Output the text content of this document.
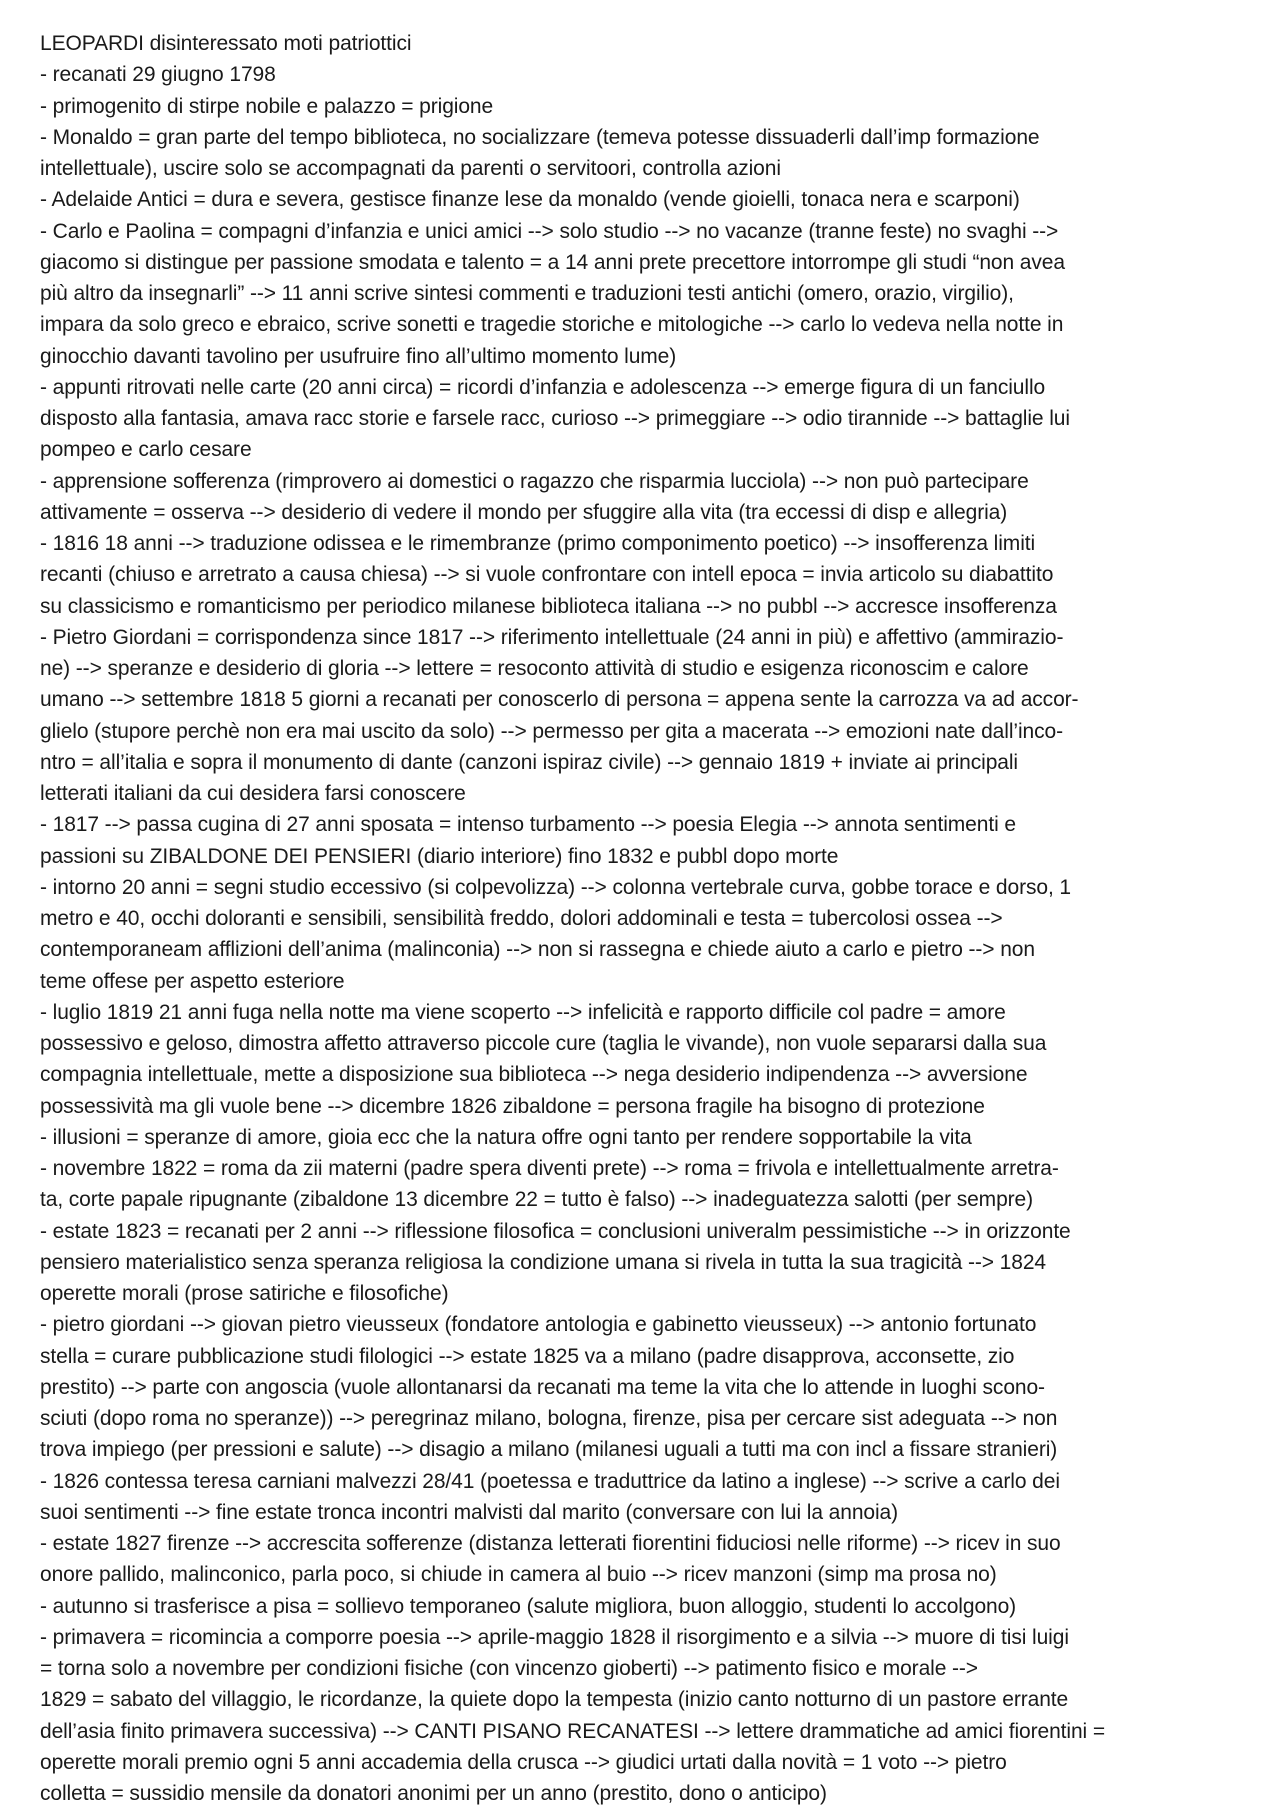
LEOPARDI disinteressato moti patriottici
- recanati 29 giugno 1798
- primogenito di stirpe nobile e palazzo = prigione
- Monaldo = gran parte del tempo biblioteca, no socializzare (temeva potesse dissuaderli dall’imp formazione
intellettuale), uscire solo se accompagnati da parenti o servitoori, controlla azioni
- Adelaide Antici = dura e severa, gestisce finanze lese da monaldo (vende gioielli, tonaca nera e scarponi)
- Carlo e Paolina = compagni d’infanzia e unici amici --> solo studio --> no vacanze (tranne feste) no svaghi -->
giacomo si distingue per passione smodata e talento = a 14 anni prete precettore intorrompe gli studi “non avea
più altro da insegnarli” --> 11 anni scrive sintesi commenti e traduzioni testi antichi (omero, orazio, virgilio),
impara da solo greco e ebraico, scrive sonetti e tragedie storiche e mitologiche --> carlo lo vedeva nella notte in
ginocchio davanti tavolino per usufruire fino all’ultimo momento lume)
- appunti ritrovati nelle carte (20 anni circa) = ricordi d’infanzia e adolescenza --> emerge figura di un fanciullo
disposto alla fantasia, amava racc storie e farsele racc, curioso --> primeggiare --> odio tirannide --> battaglie lui
pompeo e carlo cesare
- apprensione sofferenza (rimprovero ai domestici o ragazzo che risparmia lucciola) --> non può partecipare
attivamente = osserva --> desiderio di vedere il mondo per sfuggire alla vita (tra eccessi di disp e allegria)
- 1816 18 anni --> traduzione odissea e le rimembranze (primo componimento poetico) --> insofferenza limiti
recanti (chiuso e arretrato a causa chiesa) --> si vuole confrontare con intell epoca = invia articolo su diabattito
su classicismo e romanticismo per periodico milanese biblioteca italiana --> no pubbl --> accresce insofferenza
- Pietro Giordani = corrispondenza since 1817 --> riferimento intellettuale (24 anni in più) e affettivo (ammirazio-
ne) --> speranze e desiderio di gloria --> lettere = resoconto attività di studio e esigenza riconoscim e calore
umano --> settembre 1818 5 giorni a recanati per conoscerlo di persona = appena sente la carrozza va ad accor-
glielo (stupore perchè non era mai uscito da solo) --> permesso per gita a macerata --> emozioni nate dall’inco-
ntro = all’italia e sopra il monumento di dante (canzoni ispiraz civile) --> gennaio 1819 + inviate ai principali
letterati italiani da cui desidera farsi conoscere
- 1817 --> passa cugina di 27 anni sposata = intenso turbamento --> poesia Elegia --> annota sentimenti e
passioni su ZIBALDONE DEI PENSIERI (diario interiore) fino 1832 e pubbl dopo morte
- intorno 20 anni = segni studio eccessivo (si colpevolizza) --> colonna vertebrale curva, gobbe torace e dorso, 1
metro e 40, occhi doloranti e sensibili, sensibilità freddo, dolori addominali e testa = tubercolosi ossea -->
contemporaneam afflizioni dell’anima (malinconia) --> non si rassegna e chiede aiuto a carlo e pietro --> non
teme offese per aspetto esteriore
- luglio 1819 21 anni fuga nella notte ma viene scoperto --> infelicità e rapporto difficile col padre = amore
possessivo e geloso, dimostra affetto attraverso piccole cure (taglia le vivande), non vuole separarsi dalla sua
compagnia intellettuale, mette a disposizione sua biblioteca --> nega desiderio indipendenza --> avversione
possessività ma gli vuole bene --> dicembre 1826 zibaldone = persona fragile ha bisogno di protezione
- illusioni = speranze di amore, gioia ecc che la natura offre ogni tanto per rendere sopportabile la vita
- novembre 1822 = roma da zii materni (padre spera diventi prete) --> roma = frivola e intellettualmente arretra-
ta, corte papale ripugnante (zibaldone 13 dicembre 22 = tutto è falso) --> inadeguatezza salotti (per sempre)
- estate 1823 = recanati per 2 anni --> riflessione filosofica = conclusioni univeralm pessimistiche --> in orizzonte
pensiero materialistico senza speranza religiosa la condizione umana si rivela in tutta la sua tragicità --> 1824
operette morali (prose satiriche e filosofiche)
- pietro giordani --> giovan pietro vieusseux (fondatore antologia e gabinetto vieusseux) --> antonio fortunato
stella = curare pubblicazione studi filologici --> estate 1825 va a milano (padre disapprova, acconsette, zio
prestito) --> parte con angoscia (vuole allontanarsi da recanati ma teme la vita che lo attende in luoghi scono-
sciuti (dopo roma no speranze)) --> peregrinaz milano, bologna, firenze, pisa per cercare sist adeguata --> non
trova impiego (per pressioni e salute) --> disagio a milano (milanesi uguali a tutti ma con incl a fissare stranieri)
- 1826 contessa teresa carniani malvezzi 28/41 (poetessa e traduttrice da latino a inglese) --> scrive a carlo dei
suoi sentimenti --> fine estate tronca incontri malvisti dal marito (conversare con lui la annoia)
- estate 1827 firenze --> accrescita sofferenze (distanza letterati fiorentini fiduciosi nelle riforme) --> ricev in suo
onore pallido, malinconico, parla poco, si chiude in camera al buio --> ricev manzoni (simp ma prosa no)
- autunno si trasferisce a pisa = sollievo temporaneo (salute migliora, buon alloggio, studenti lo accolgono)
- primavera = ricomincia a comporre poesia --> aprile-maggio 1828 il risorgimento e a silvia --> muore di tisi luigi
= torna solo a novembre per condizioni fisiche (con vincenzo gioberti) --> patimento fisico e morale -->
1829 = sabato del villaggio, le ricordanze, la quiete dopo la tempesta (inizio canto notturno di un pastore errante
dell’asia finito primavera successiva) --> CANTI PISANO RECANATESI --> lettere drammatiche ad amici fiorentini =
operette morali premio ogni 5 anni accademia della crusca --> giudici urtati dalla novità = 1 voto --> pietro
colletta = sussidio mensile da donatori anonimi per un anno (prestito, dono o anticipo)
